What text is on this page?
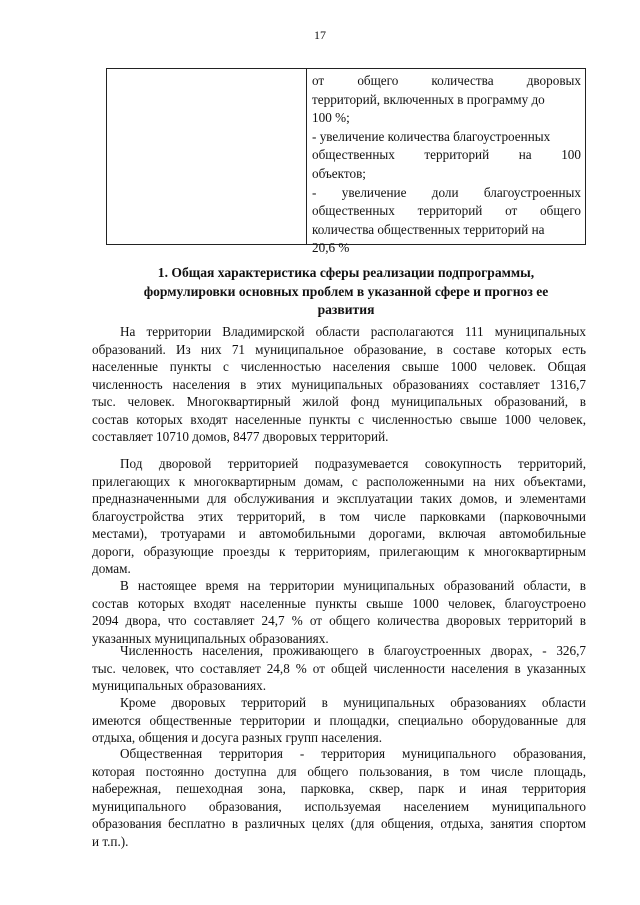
17
от общего количества дворовых
территорий, включенных в программу до
100 %;
- увеличение количества благоустроенных
общественных территорий на 100
объектов;
- увеличение доли благоустроенных
общественных территорий от общего
количества общественных территорий на
20,6 %
1. Общая характеристика сферы реализации подпрограммы,
формулировки основных проблем в указанной сфере и прогноз ее
развития
На территории Владимирской области располагаются 111 муниципальных
образований. Из них 71 муниципальное образование, в составе которых есть
населенные пункты с численностью населения свыше 1000 человек. Общая
численность населения в этих муниципальных образованиях составляет 1316,7
тыс. человек. Многоквартирный жилой фонд муниципальных образований, в
состав которых входят населенные пункты с численностью свыше 1000 человек,
составляет 10710 домов, 8477 дворовых территорий.
Под дворовой территорией подразумевается совокупность территорий,
прилегающих к многоквартирным домам, с расположенными на них объектами,
предназначенными для обслуживания и эксплуатации таких домов, и элементами
благоустройства этих территорий, в том числе парковками (парковочными
местами), тротуарами и автомобильными дорогами, включая автомобильные
дороги, образующие проезды к территориям, прилегающим к многоквартирным
домам.
В настоящее время на территории муниципальных образований области, в
состав которых входят населенные пункты свыше 1000 человек, благоустроено
2094 двора, что составляет 24,7 % от общего количества дворовых территорий в
указанных муниципальных образованиях.
Численность населения, проживающего в благоустроенных дворах, - 326,7
тыс. человек, что составляет 24,8 % от общей численности населения в указанных
муниципальных образованиях.
Кроме дворовых территорий в муниципальных образованиях области
имеются общественные территории и площадки, специально оборудованные для
отдыха, общения и досуга разных групп населения.
Общественная территория - территория муниципального образования,
которая постоянно доступна для общего пользования, в том числе площадь,
набережная, пешеходная зона, парковка, сквер, парк и иная территория
муниципального образования, используемая населением муниципального
образования бесплатно в различных целях (для общения, отдыха, занятия спортом
и т.п.).
